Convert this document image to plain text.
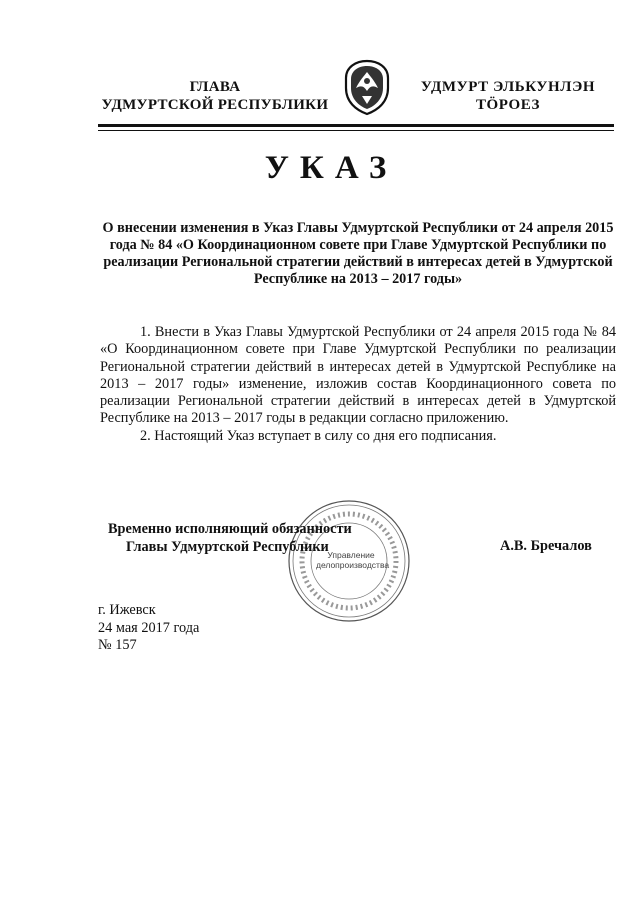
ГЛАВА
УДМУРТСКОЙ РЕСПУБЛИКИ
УДМУРТ ЭЛЬКУНЛЭН
ТӦРОЕЗ
УКАЗ
О внесении изменения в Указ Главы Удмуртской Республики от 24 апреля 2015 года № 84 «О Координационном совете при Главе Удмуртской Республики по реализации Региональной стратегии действий в интересах детей в Удмуртской Республике на 2013 – 2017 годы»

1. Внести в Указ Главы Удмуртской Республики от 24 апреля 2015 года № 84 «О Координационном совете при Главе Удмуртской Республики по реализации Региональной стратегии действий в интересах детей в Удмуртской Республике на 2013 – 2017 годы» изменение, изложив состав Координационного совета по реализации Региональной стратегии действий в интересах детей в Удмуртской Республике на 2013 – 2017 годы в редакции согласно приложению.

2. Настоящий Указ вступает в силу со дня его подписания.

Управление
делопроизводства
Временно исполняющий обязанности
Главы Удмуртской Республики	А.В. Бречалов
г. Ижевск
24 мая 2017 года
№ 157
